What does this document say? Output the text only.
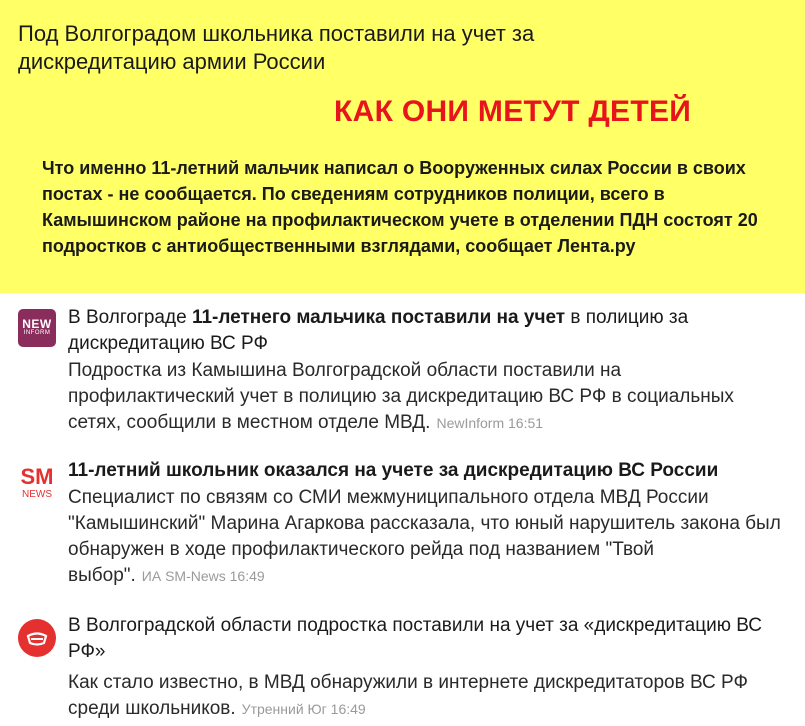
Под Волгоградом школьника поставили на учет за дискредитацию армии России
КАК ОНИ МЕТУТ ДЕТЕЙ
Что именно 11-летний мальчик написал о Вооруженных силах России в своих постах - не сообщается. По сведениям сотрудников полиции, всего в Камышинском районе на профилактическом учете в отделении ПДН состоят 20 подростков с антиобщественными взглядами, сообщает Лента.ру
NEW
INFORM
В Волгограде 11-летнего мальчика поставили на учет в полицию за дискредитацию ВС РФ
Подростка из Камышина Волгоградской области поставили на профилактический учет в полицию за дискредитацию ВС РФ в социальных сетях, сообщили в местном отделе МВД. NewInform 16:51
SM
NEWS
11-летний школьник оказался на учете за дискредитацию ВС России
Специалист по связям со СМИ межмуниципального отдела МВД России "Камышинский" Марина Агаркова рассказала, что юный нарушитель закона был обнаружен в ходе профилактического рейда под названием "Твой выбор". ИА SM-News 16:49
В Волгоградской области подростка поставили на учет за «дискредитацию ВС РФ»
Как стало известно, в МВД обнаружили в интернете дискредитаторов ВС РФ среди школьников. Утренний Юг 16:49
